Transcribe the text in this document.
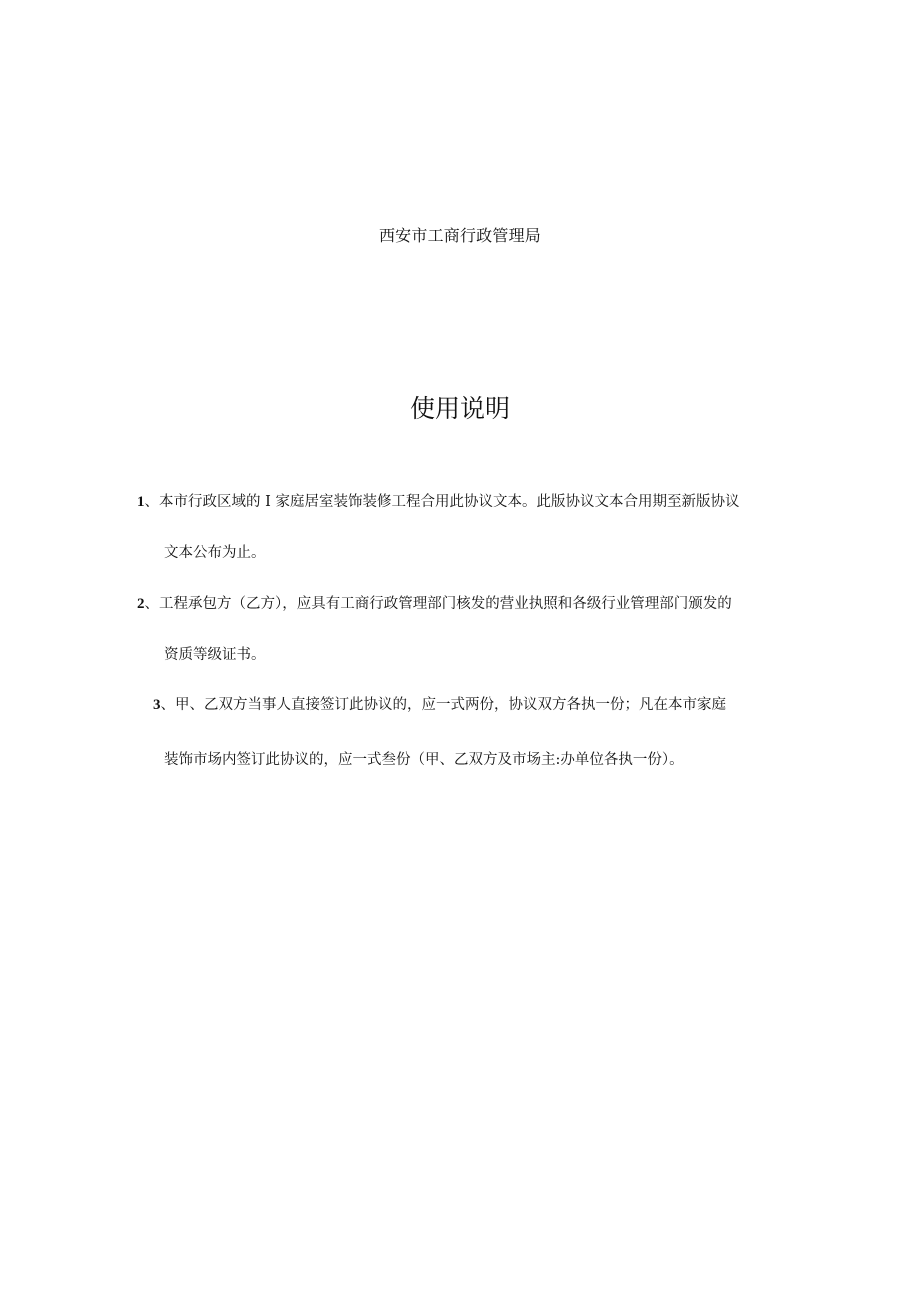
西安市工商行政管理局
使用说明
1、本市行政区域的 I 家庭居室装饰装修工程合用此协议文本。此版协议文本合用期至新版协议
文本公布为止。
2、工程承包方（乙方），应具有工商行政管理部门核发的营业执照和各级行业管理部门颁发的
资质等级证书。
3、甲、乙双方当事人直接签订此协议的，应一式两份，协议双方各执一份；凡在本市家庭
装饰市场内签订此协议的，应一式叁份（甲、乙双方及市场主:办单位各执一份）。
